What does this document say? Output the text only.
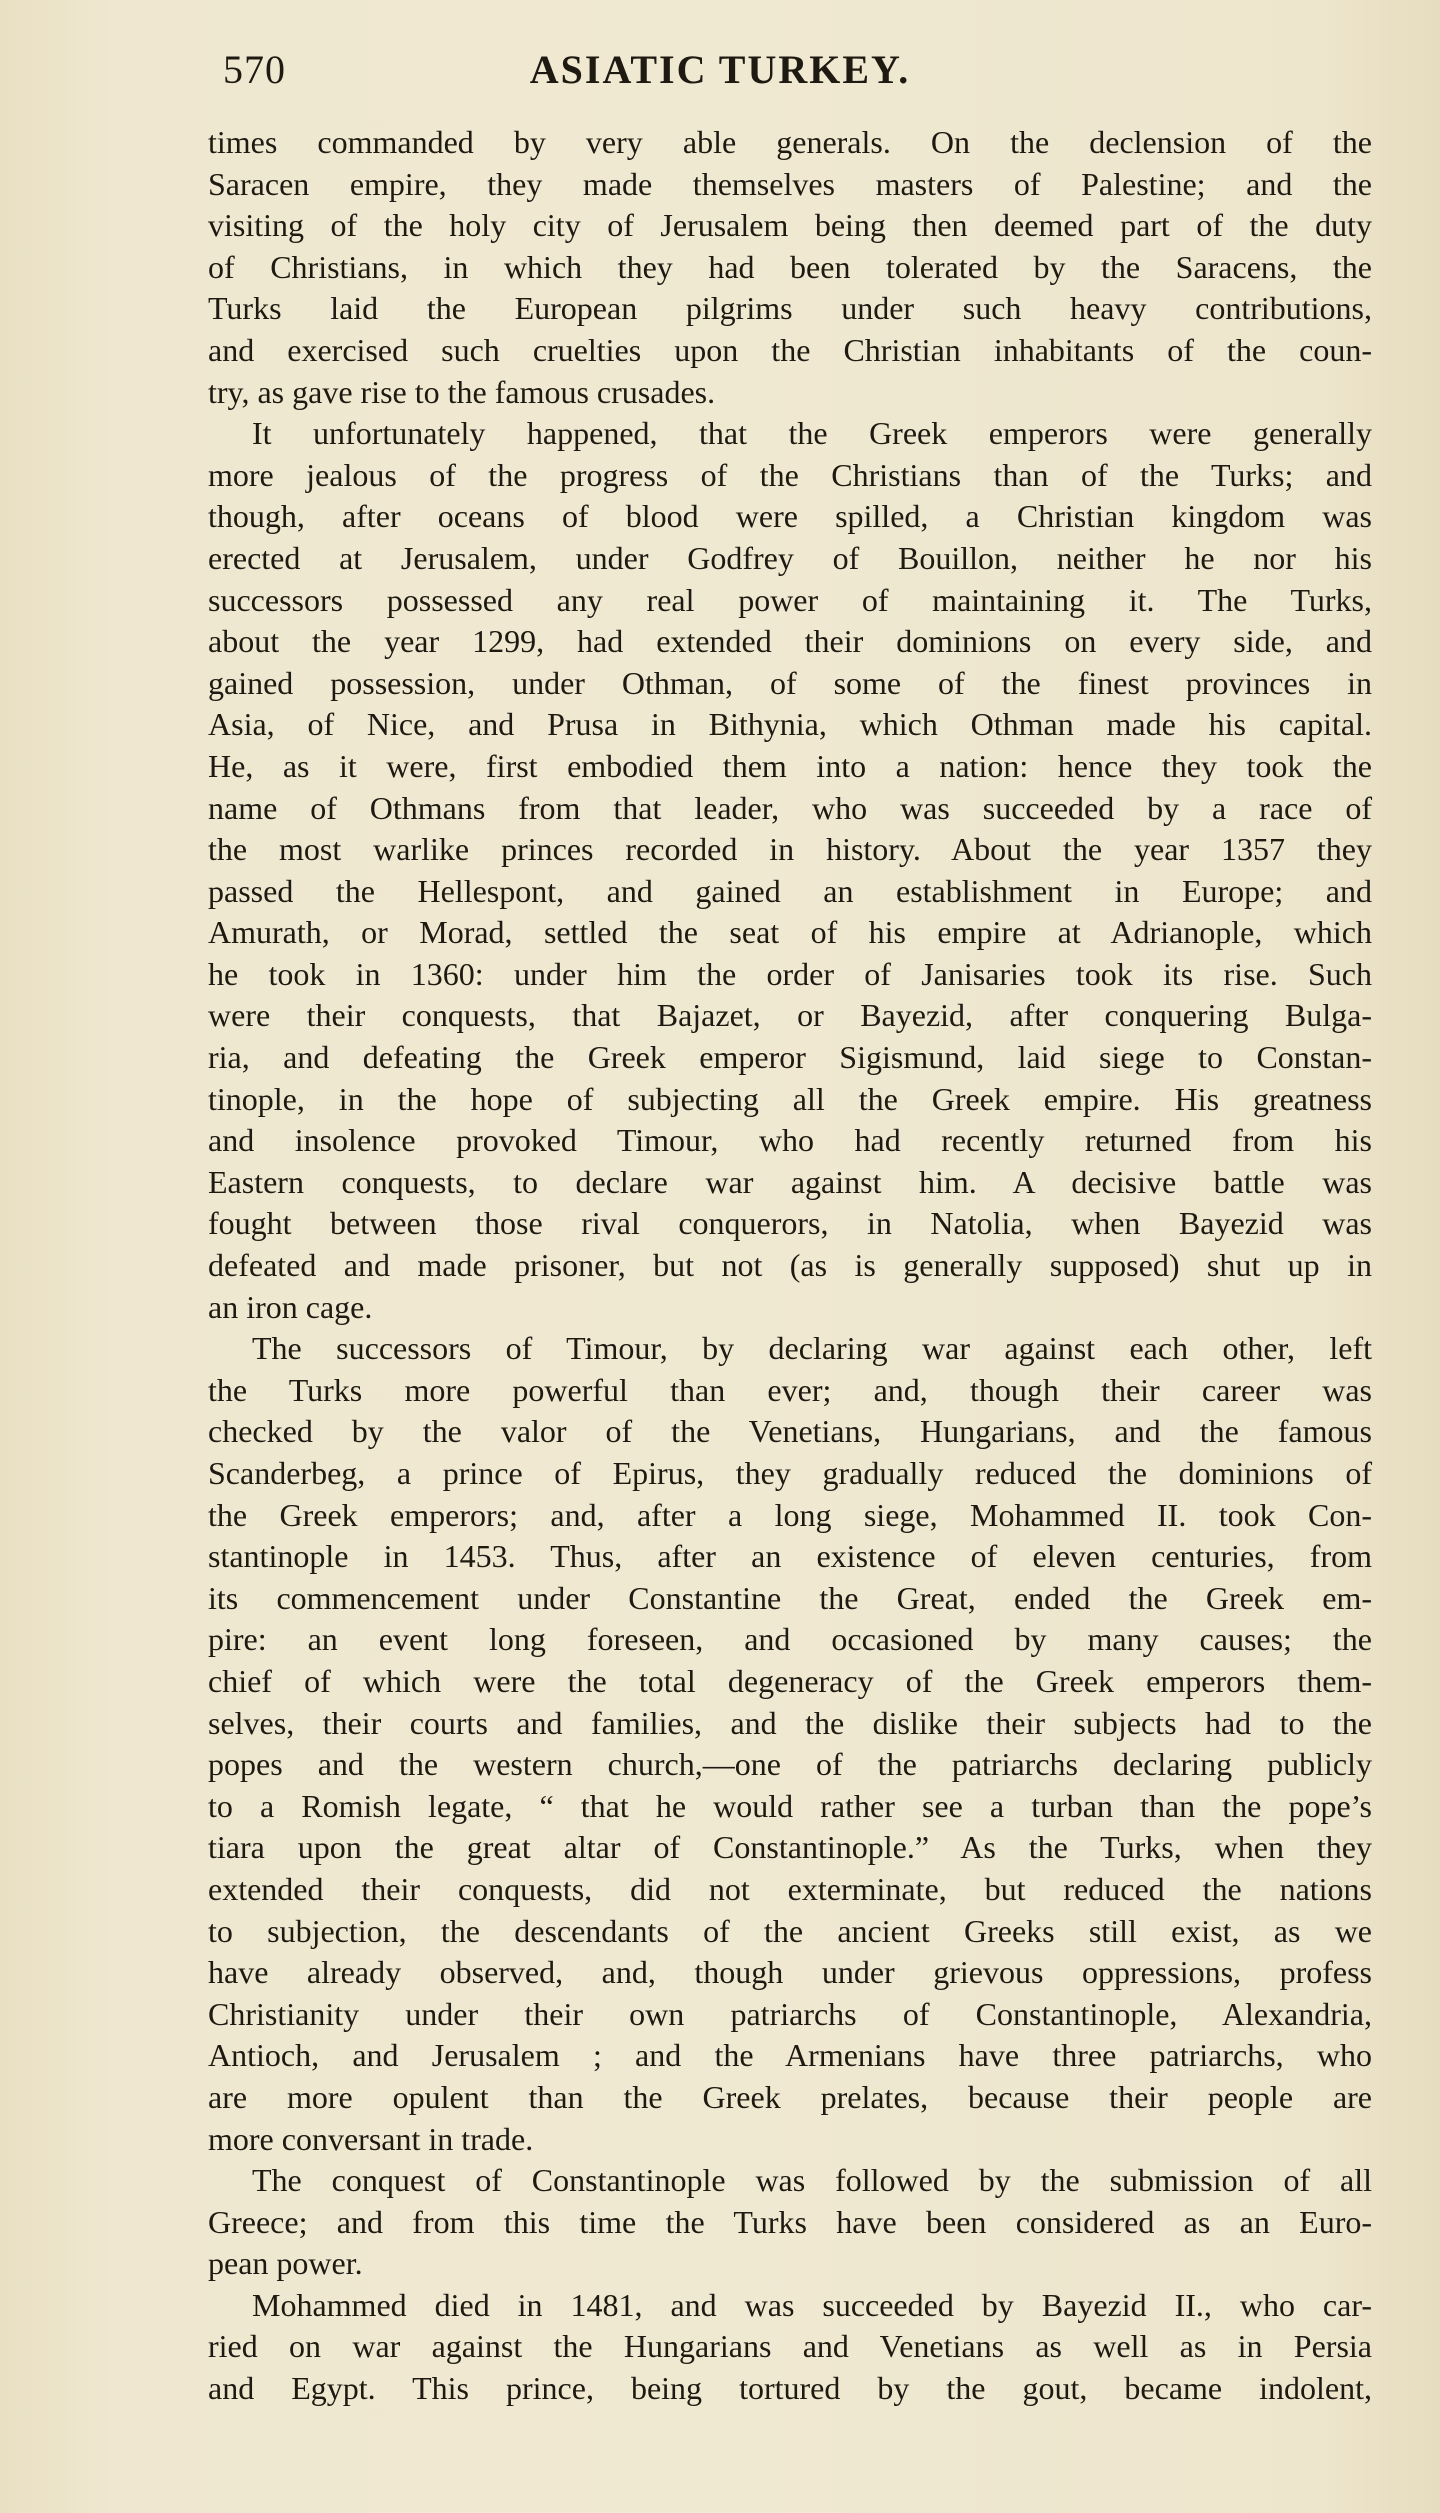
570	ASIATIC TURKEY.
times commanded by very able generals. On the declension of the
Saracen empire, they made themselves masters of Palestine; and the
visiting of the holy city of Jerusalem being then deemed part of the duty
of Christians, in which they had been tolerated by the Saracens, the
Turks laid the European pilgrims under such heavy contributions,
and exercised such cruelties upon the Christian inhabitants of the coun-
try, as gave rise to the famous crusades.
It unfortunately happened, that the Greek emperors were generally
more jealous of the progress of the Christians than of the Turks; and
though, after oceans of blood were spilled, a Christian kingdom was
erected at Jerusalem, under Godfrey of Bouillon, neither he nor his
successors possessed any real power of maintaining it. The Turks,
about the year 1299, had extended their dominions on every side, and
gained possession, under Othman, of some of the finest provinces in
Asia, of Nice, and Prusa in Bithynia, which Othman made his capital.
He, as it were, first embodied them into a nation: hence they took the
name of Othmans from that leader, who was succeeded by a race of
the most warlike princes recorded in history. About the year 1357 they
passed the Hellespont, and gained an establishment in Europe; and
Amurath, or Morad, settled the seat of his empire at Adrianople, which
he took in 1360: under him the order of Janisaries took its rise. Such
were their conquests, that Bajazet, or Bayezid, after conquering Bulga-
ria, and defeating the Greek emperor Sigismund, laid siege to Constan-
tinople, in the hope of subjecting all the Greek empire. His greatness
and insolence provoked Timour, who had recently returned from his
Eastern conquests, to declare war against him. A decisive battle was
fought between those rival conquerors, in Natolia, when Bayezid was
defeated and made prisoner, but not (as is generally supposed) shut up in
an iron cage.
The successors of Timour, by declaring war against each other, left
the Turks more powerful than ever; and, though their career was
checked by the valor of the Venetians, Hungarians, and the famous
Scanderbeg, a prince of Epirus, they gradually reduced the dominions of
the Greek emperors; and, after a long siege, Mohammed II. took Con-
stantinople in 1453. Thus, after an existence of eleven centuries, from
its commencement under Constantine the Great, ended the Greek em-
pire: an event long foreseen, and occasioned by many causes; the
chief of which were the total degeneracy of the Greek emperors them-
selves, their courts and families, and the dislike their subjects had to the
popes and the western church,—one of the patriarchs declaring publicly
to a Romish legate, “ that he would rather see a turban than the pope’s
tiara upon the great altar of Constantinople.” As the Turks, when they
extended their conquests, did not exterminate, but reduced the nations
to subjection, the descendants of the ancient Greeks still exist, as we
have already observed, and, though under grievous oppressions, profess
Christianity under their own patriarchs of Constantinople, Alexandria,
Antioch, and Jerusalem ; and the Armenians have three patriarchs, who
are more opulent than the Greek prelates, because their people are
more conversant in trade.
The conquest of Constantinople was followed by the submission of all
Greece; and from this time the Turks have been considered as an Euro-
pean power.
Mohammed died in 1481, and was succeeded by Bayezid II., who car-
ried on war against the Hungarians and Venetians as well as in Persia
and Egypt. This prince, being tortured by the gout, became indolent,
